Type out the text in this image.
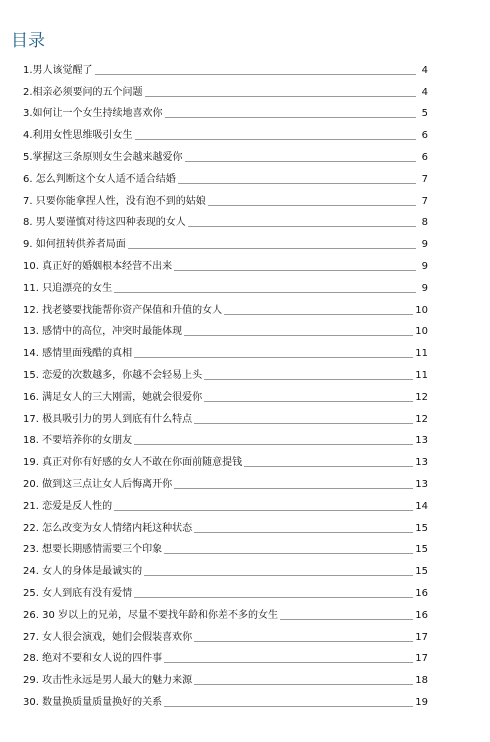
目录
1.男人该觉醒了	4
2.相亲必须要问的五个问题	4
3.如何让一个女生持续地喜欢你	5
4.利用女性思维吸引女生	6
5.掌握这三条原则女生会越来越爱你	6
6. 怎么判断这个女人适不适合结婚	7
7. 只要你能拿捏人性，没有泡不到的姑娘	7
8. 男人要谨慎对待这四种表现的女人	8
9. 如何扭转供养者局面	9
10. 真正好的婚姻根本经营不出来	9
11. 只追漂亮的女生	9
12. 找老婆要找能帮你资产保值和升值的女人	10
13. 感情中的高位，冲突时最能体现	10
14. 感情里面残酷的真相	11
15. 恋爱的次数越多，你越不会轻易上头	11
16. 满足女人的三大刚需，她就会很爱你	12
17. 极具吸引力的男人到底有什么特点	12
18. 不要培养你的女朋友	13
19. 真正对你有好感的女人不敢在你面前随意提钱	13
20. 做到这三点让女人后悔离开你	13
21. 恋爱是反人性的	14
22. 怎么改变为女人情绪内耗这种状态	15
23. 想要长期感情需要三个印象	15
24. 女人的身体是最诚实的	15
25. 女人到底有没有爱情	16
26. 30 岁以上的兄弟，尽量不要找年龄和你差不多的女生	16
27. 女人很会演戏，她们会假装喜欢你	17
28. 绝对不要和女人说的四件事	17
29. 攻击性永远是男人最大的魅力来源	18
30. 数量换质量质量换好的关系	19
